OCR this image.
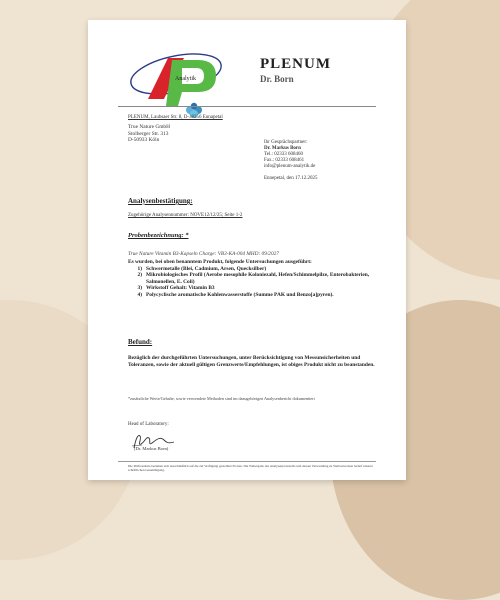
Analytik
PLENUM
Dr. Born
PLENUM, Laubsaer Str. 8, D-38256 Eunapetal
True Nature GmbH
Stolberger Str. 313
D-50933 Köln	Ihr Gesprächspartner:
Dr. Markus Born
Tel.: 02333 608460
Fax.: 02333 608461
info@plenum-analytik.de

Ennepetal, den 17.12.2025
Analysenbestätigung:
Zugehörige Analysennummer: NOVE12/12/25; Seite 1-2
Probenbezeichnung: *
True Nature Vitamin B3-Kapseln Charge: VB3-KA-004 MHD: 09/2027
Es wurden, bei oben benanntem Produkt, folgende Untersuchungen ausgeführt:
1) Schwermetalle (Blei, Cadmium, Arsen, Quecksilber)
2) Mikrobiologisches Profil (Aerobe mesophile Koloniezahl, Hefen/Schimmelpilze, Enterobakterien, Salmonellen, E. Coli)
3) Wirkstoff Gehalt: Vitamin B3
4) Polycyclische aromatische Kohlenwasserstoffe (Summe PAK und Benzo[a]pyren).
Befund:
Bezüglich der durchgeführten Untersuchungen, unter Berücksichtigung von Messunsicherheiten und Toleranzen, sowie der aktuell gültigen Grenzwerte/Empfehlungen, ist obiges Produkt nicht zu beanstanden.
*zusätzliche Werte/Gehalte, sowie verwendete Methoden sind im dazugehörigen Analysenbericht dokumentiert
Head of Laboratory:
(Dr. Markus Born)
Die Prüfresultate beziehen sich ausschließlich auf die zur Verfügung gestellten Proben. Die Weitergabe des Analysenprotokolls und dessen Verwendung zu Werbezwecken bedarf unserer schriftlichen Genehmigung.
